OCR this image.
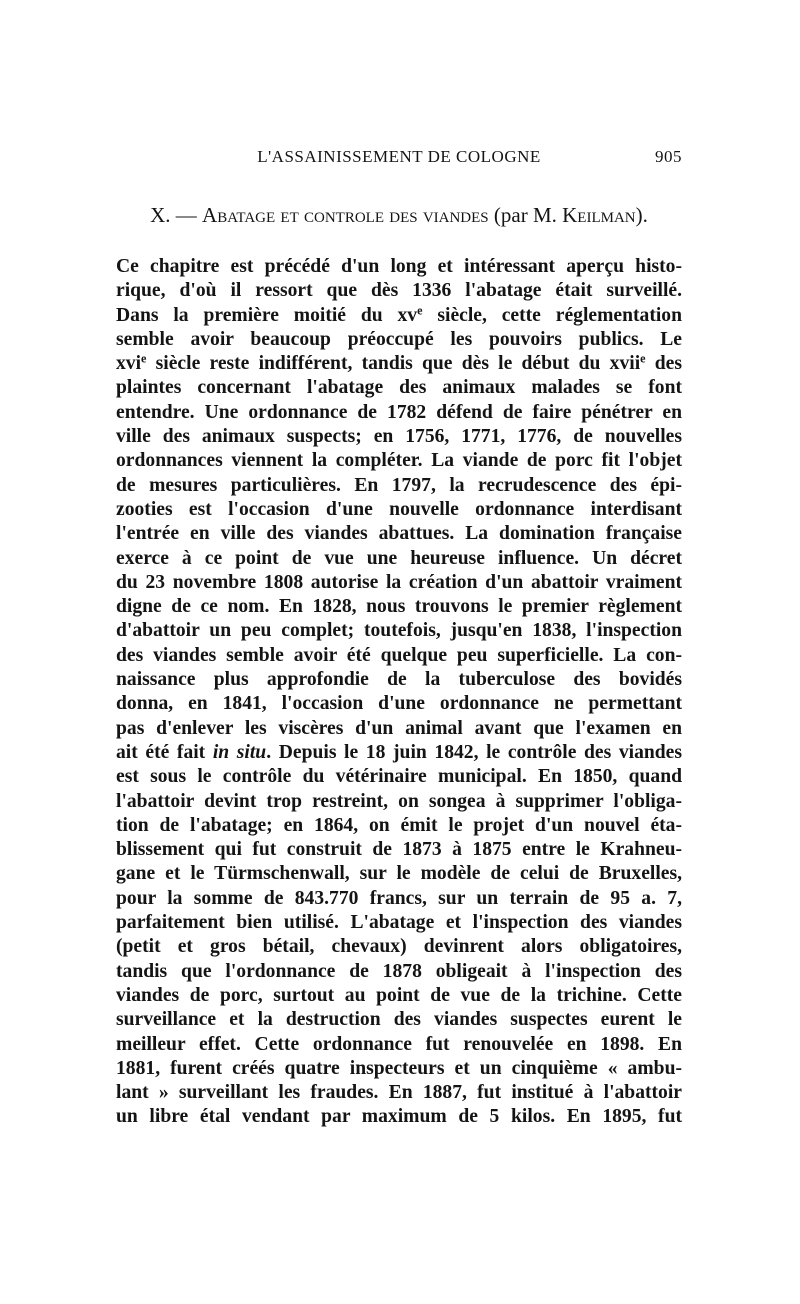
L'ASSAINISSEMENT DE COLOGNE	905
X. — Abatage et controle des viandes (par M. Keilman).
Ce chapitre est précédé d'un long et intéressant aperçu histo-
rique, d'où il ressort que dès 1336 l'abatage était surveillé.
Dans la première moitié du $xv^e$ siècle, cette réglementation
semble avoir beaucoup préoccupé les pouvoirs publics. Le
xvi$^e$ siècle reste indifférent, tandis que dès le début du xvii$^e$ des
plaintes concernant l'abatage des animaux malades se font
entendre. Une ordonnance de 1782 défend de faire pénétrer en
ville des animaux suspects; en 1756, 1771, 1776, de nouvelles
ordonnances viennent la compléter. La viande de porc fit l'objet
de mesures particulières. En 1797, la recrudescence des épi-
zooties est l'occasion d'une nouvelle ordonnance interdisant
l'entrée en ville des viandes abattues. La domination française
exerce à ce point de vue une heureuse influence. Un décret
du 23 novembre 1808 autorise la création d'un abattoir vraiment
digne de ce nom. En 1828, nous trouvons le premier règlement
d'abattoir un peu complet; toutefois, jusqu'en 1838, l'inspection
des viandes semble avoir été quelque peu superficielle. La con-
naissance plus approfondie de la tuberculose des bovidés
donna, en 1841, l'occasion d'une ordonnance ne permettant
pas d'enlever les viscères d'un animal avant que l'examen en
ait été fait in situ. Depuis le 18 juin 1842, le contrôle des viandes
est sous le contrôle du vétérinaire municipal. En 1850, quand
l'abattoir devint trop restreint, on songea à supprimer l'obliga-
tion de l'abatage; en 1864, on émit le projet d'un nouvel éta-
blissement qui fut construit de 1873 à 1875 entre le Krahneu-
gane et le Türmschenwall, sur le modèle de celui de Bruxelles,
pour la somme de 843.770 francs, sur un terrain de 95 a. 7,
parfaitement bien utilisé. L'abatage et l'inspection des viandes
(petit et gros bétail, chevaux) devinrent alors obligatoires,
tandis que l'ordonnance de 1878 obligeait à l'inspection des
viandes de porc, surtout au point de vue de la trichine. Cette
surveillance et la destruction des viandes suspectes eurent le
meilleur effet. Cette ordonnance fut renouvelée en 1898. En
1881, furent créés quatre inspecteurs et un cinquième « ambu-
lant » surveillant les fraudes. En 1887, fut institué à l'abattoir
un libre étal vendant par maximum de 5 kilos. En 1895, fut
